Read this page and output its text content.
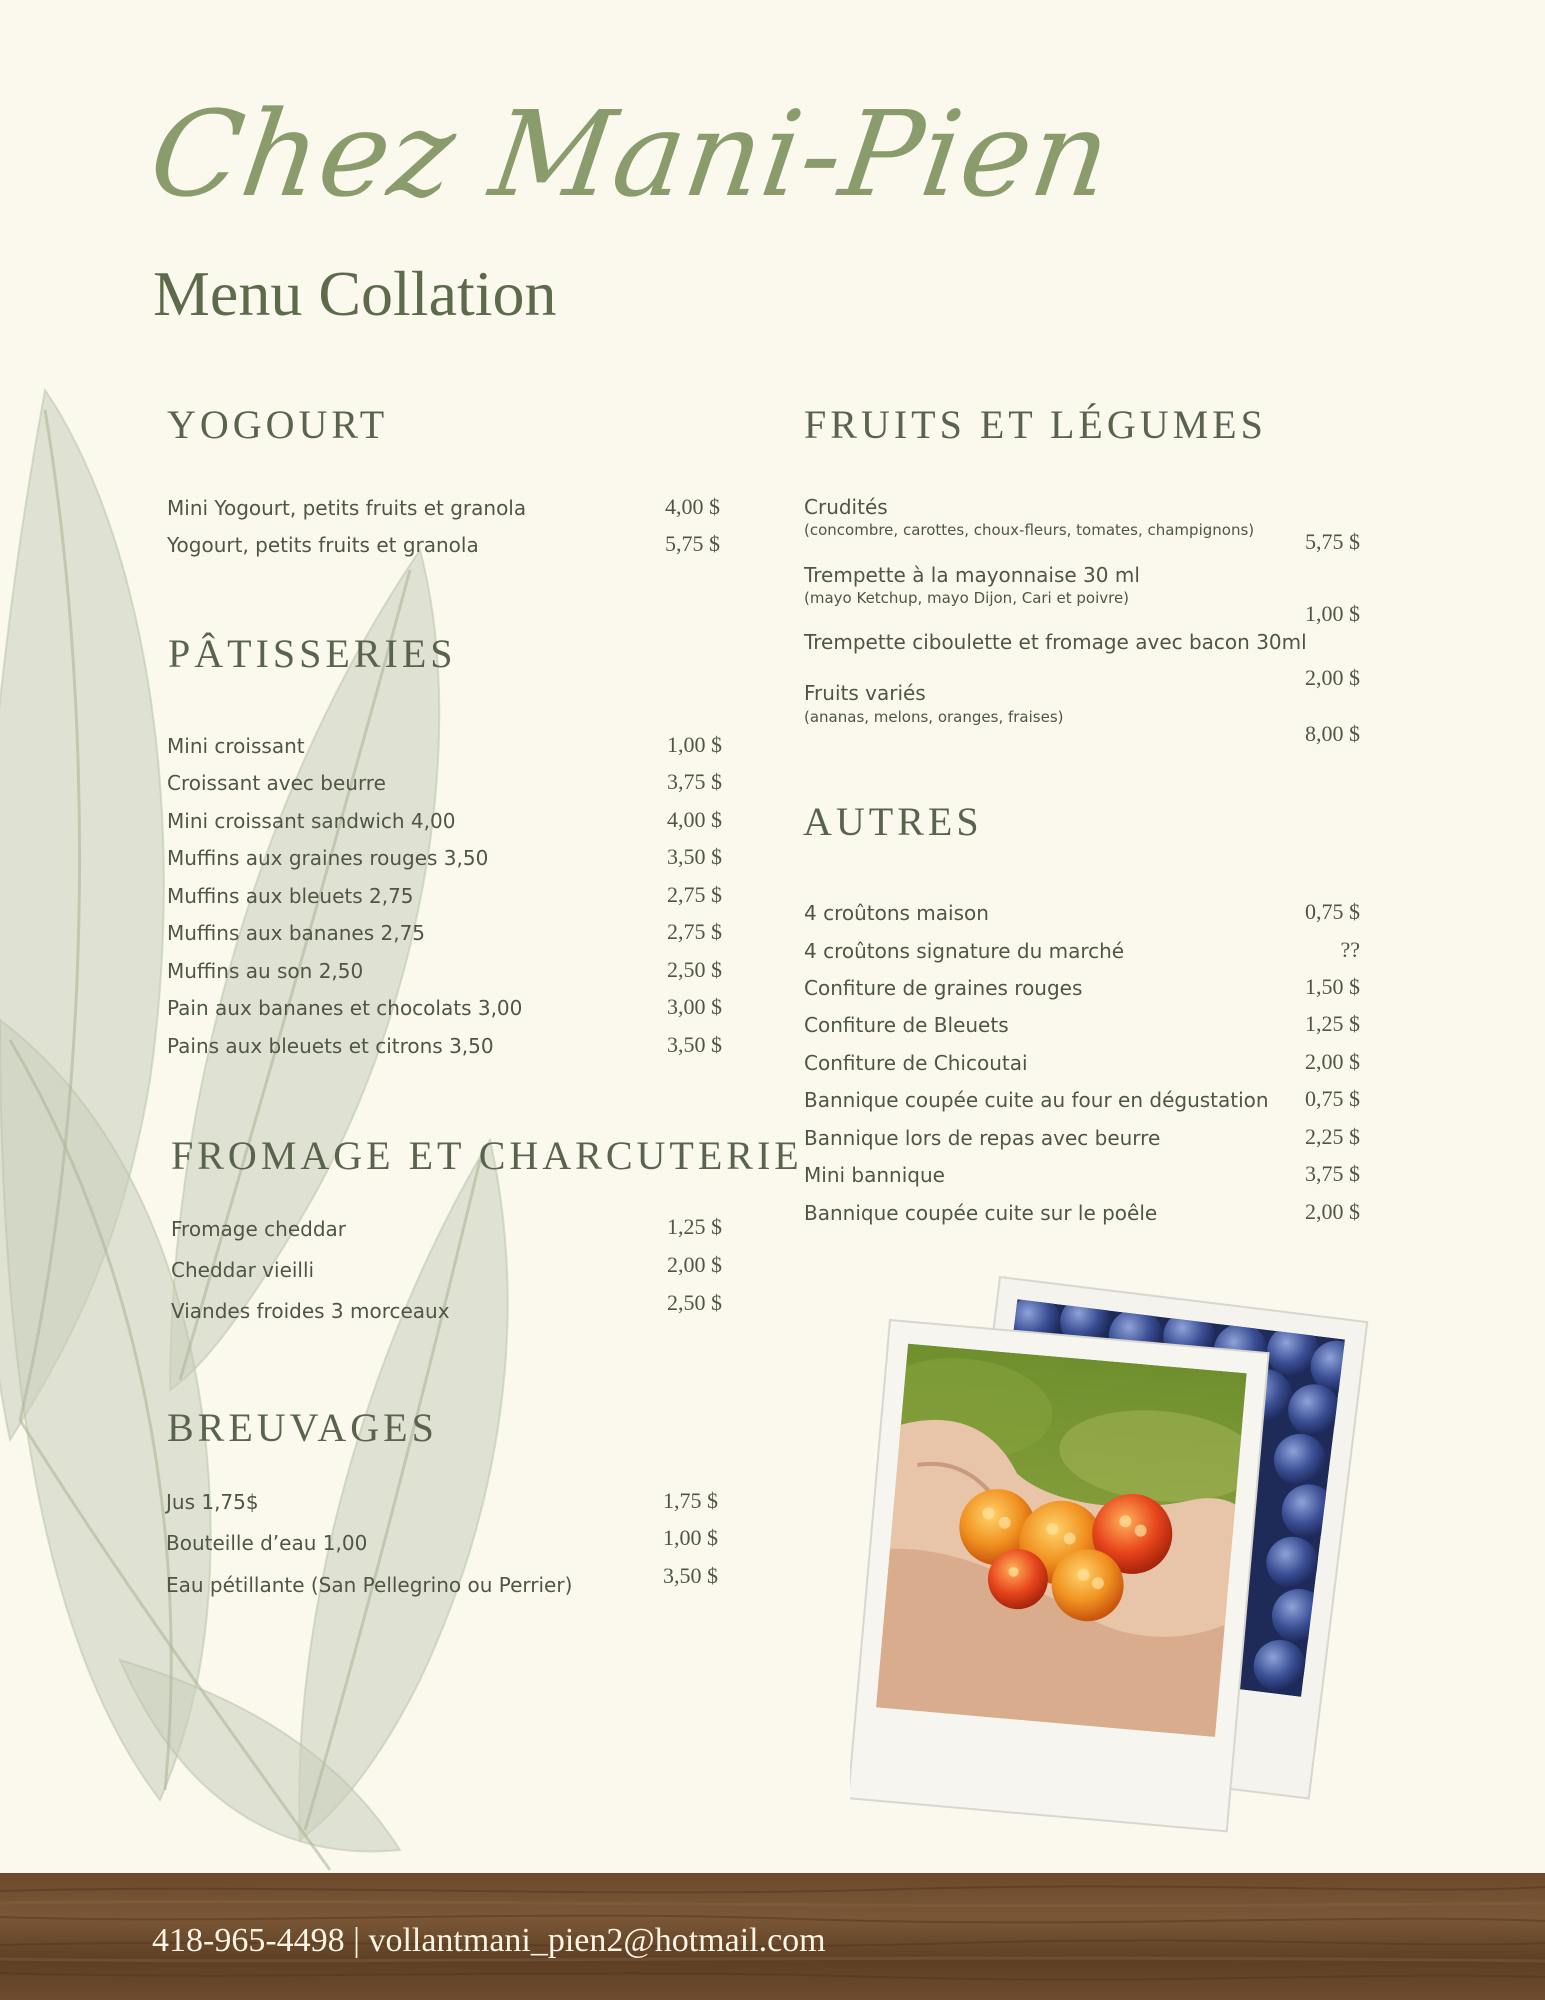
Chez Mani-Pien
Menu Collation
YOGOURT
Mini Yogourt, petits fruits et granola	4,00 $
Yogourt, petits fruits et granola	5,75 $
PÂTISSERIES
Mini croissant	1,00 $
Croissant avec beurre	3,75 $
Mini croissant sandwich 4,00	4,00 $
Muffins aux graines rouges 3,50	3,50 $
Muffins aux bleuets 2,75	2,75 $
Muffins aux bananes 2,75	2,75 $
Muffins au son 2,50	2,50 $
Pain aux bananes et chocolats 3,00	3,00 $
Pains aux bleuets et citrons 3,50	3,50 $
FROMAGE ET CHARCUTERIE
Fromage cheddar	1,25 $
Cheddar vieilli	2,00 $
Viandes froides 3 morceaux	2,50 $
BREUVAGES
Jus 1,75$	1,75 $
Bouteille d’eau 1,00	1,00 $
Eau pétillante (San Pellegrino ou Perrier)	3,50 $
FRUITS ET LÉGUMES
Crudités
(concombre, carottes, choux-fleurs, tomates, champignons)	5,75 $
Trempette à la mayonnaise 30 ml
(mayo Ketchup, mayo Dijon, Cari et poivre)
1,00 $
Trempette ciboulette et fromage avec bacon 30ml
2,00 $
Fruits variés
(ananas, melons, oranges, fraises)
8,00 $
AUTRES
4 croûtons maison	0,75 $
4 croûtons signature du marché	??
Confiture de graines rouges	1,50 $
Confiture de Bleuets	1,25 $
Confiture de Chicoutai	2,00 $
Bannique coupée cuite au four en dégustation	0,75 $
Bannique lors de repas avec beurre	2,25 $
Mini bannique	3,75 $
Bannique coupée cuite sur le poêle	2,00 $
418-965-4498 | vollantmani_pien2@hotmail.com
